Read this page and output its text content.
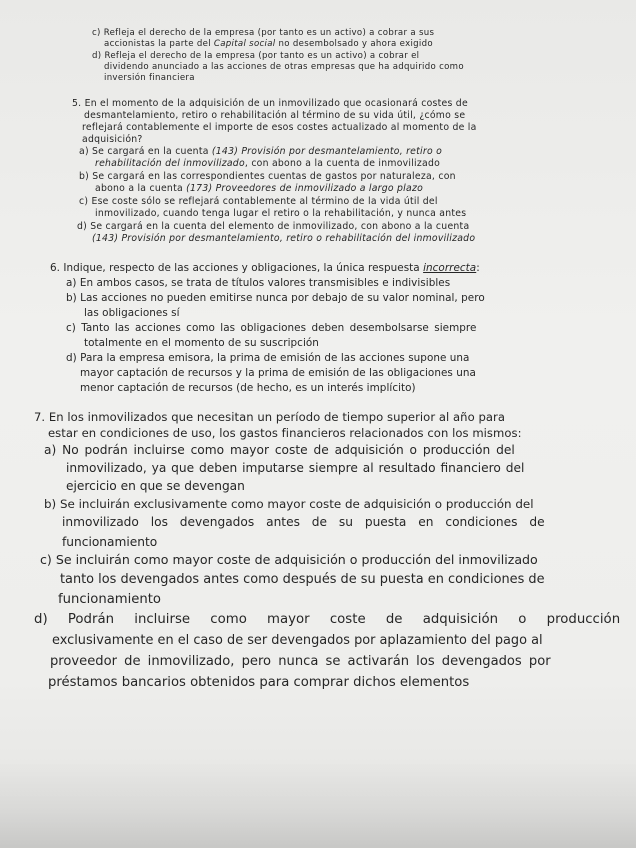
c) Refleja el derecho de la empresa (por tanto es un activo) a cobrar a sus
accionistas la parte del Capital social no desembolsado y ahora exigido
d) Refleja el derecho de la empresa (por tanto es un activo) a cobrar el
dividendo anunciado a las acciones de otras empresas que ha adquirido como
inversión financiera
5. En el momento de la adquisición de un inmovilizado que ocasionará costes de
desmantelamiento, retiro o rehabilitación al término de su vida útil, ¿cómo se
reflejará contablemente el importe de esos costes actualizado al momento de la
adquisición?
a) Se cargará en la cuenta (143) Provisión por desmantelamiento, retiro o
rehabilitación del inmovilizado, con abono a la cuenta de inmovilizado
b) Se cargará en las correspondientes cuentas de gastos por naturaleza, con
abono a la cuenta (173) Proveedores de inmovilizado a largo plazo
c) Ese coste sólo se reflejará contablemente al término de la vida útil del
inmovilizado, cuando tenga lugar el retiro o la rehabilitación, y nunca antes
d) Se cargará en la cuenta del elemento de inmovilizado, con abono a la cuenta
(143) Provisión por desmantelamiento, retiro o rehabilitación del inmovilizado
6. Indique, respecto de las acciones y obligaciones, la única respuesta incorrecta:
a) En ambos casos, se trata de títulos valores transmisibles e indivisibles
b) Las acciones no pueden emitirse nunca por debajo de su valor nominal, pero
las obligaciones sí
c) Tanto las acciones como las obligaciones deben desembolsarse siempre
totalmente en el momento de su suscripción
d) Para la empresa emisora, la prima de emisión de las acciones supone una
mayor captación de recursos y la prima de emisión de las obligaciones una
menor captación de recursos (de hecho, es un interés implícito)
7. En los inmovilizados que necesitan un período de tiempo superior al año para
estar en condiciones de uso, los gastos financieros relacionados con los mismos:
a) No podrán incluirse como mayor coste de adquisición o producción del
inmovilizado, ya que deben imputarse siempre al resultado financiero del
ejercicio en que se devengan
b) Se incluirán exclusivamente como mayor coste de adquisición o producción del
inmovilizado los devengados antes de su puesta en condiciones de
funcionamiento
c) Se incluirán como mayor coste de adquisición o producción del inmovilizado
tanto los devengados antes como después de su puesta en condiciones de
funcionamiento
d) Podrán incluirse como mayor coste de adquisición o producción
exclusivamente en el caso de ser devengados por aplazamiento del pago al
proveedor de inmovilizado, pero nunca se activarán los devengados por
préstamos bancarios obtenidos para comprar dichos elementos
